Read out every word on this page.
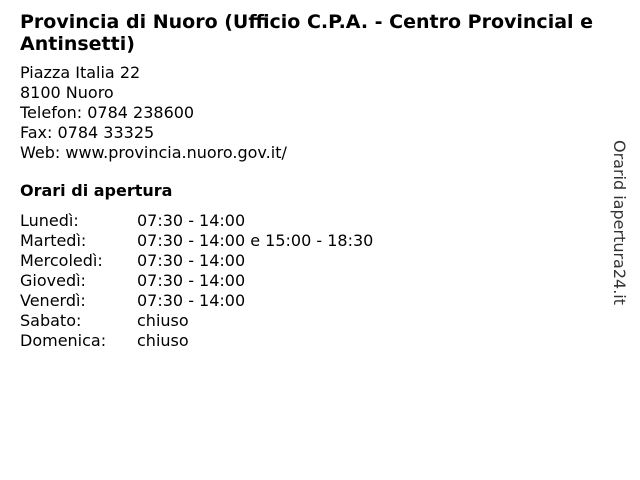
Provincia di Nuoro (Ufficio C.P.A. - Centro Provincial e Antinsetti)
Piazza Italia 22
8100 Nuoro
Telefon: 0784 238600
Fax: 0784 33325
Web: www.provincia.nuoro.gov.it/
Orari di apertura
Lunedì:	07:30 - 14:00
Martedì:	07:30 - 14:00 e 15:00 - 18:30
Mercoledì:	07:30 - 14:00
Giovedì:	07:30 - 14:00
Venerdì:	07:30 - 14:00
Sabato:	chiuso
Domenica:	chiuso
Orarid iapertura24.it
